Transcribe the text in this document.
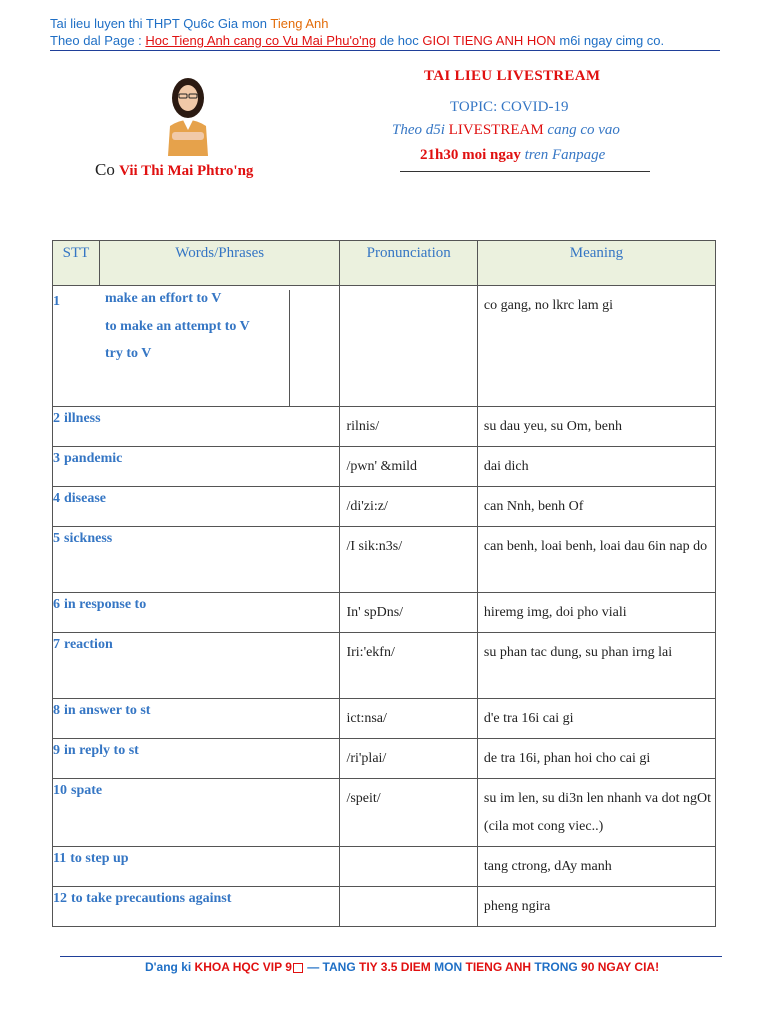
Tai lieu luyen thi THPT Qu6c Gia mon Tieng Anh
Theo dal Page : Hoc Tieng Anh cang co Vu Mai Phu'o'ng de hoc GIOI TIENG ANH HON m6i ngay cimg co.
Co Vii Thi Mai Phtro'ng
TAI LIEU LIVESTREAM
TOPIC: COVID-19
Theo d5i LIVESTREAM cang co vao
21h30 moi ngay tren Fanpage
STT	Words/Phrases	Pronunciation	Meaning

1 make an effort to V
to make an attempt to V
try to V			co gang, no lkrc lam gi
2 illness		rilnis/	su dau yeu, su Om, benh
3 pandemic		/pwn' &mild	dai dich
4 disease		/di'zi:z/	can Nnh, benh Of
5 sickness		/I sik:n3s/	can benh, loai benh, loai dau 6in nap do
6 in response to		In' spDns/	hiremg img, doi pho viali
7 reaction		Iri:'ekfn/	su phan tac dung, su phan irng lai
8 in answer to st		ict:nsa/	d'e tra 16i cai gi
9 in reply to st		/ri'plai/	de tra 16i, phan hoi cho cai gi
10 spate		/speit/	su im len, su di3n len nhanh va dot ngOt (cila mot cong viec..)
11 to step up			tang ctrong, dAy manh
12 to take precautions against			pheng ngira
D'ang ki KHOA HQC VIP 9 — TANG TIY 3.5 DIEM MON TIENG ANH TRONG 90 NGAY CIA!
